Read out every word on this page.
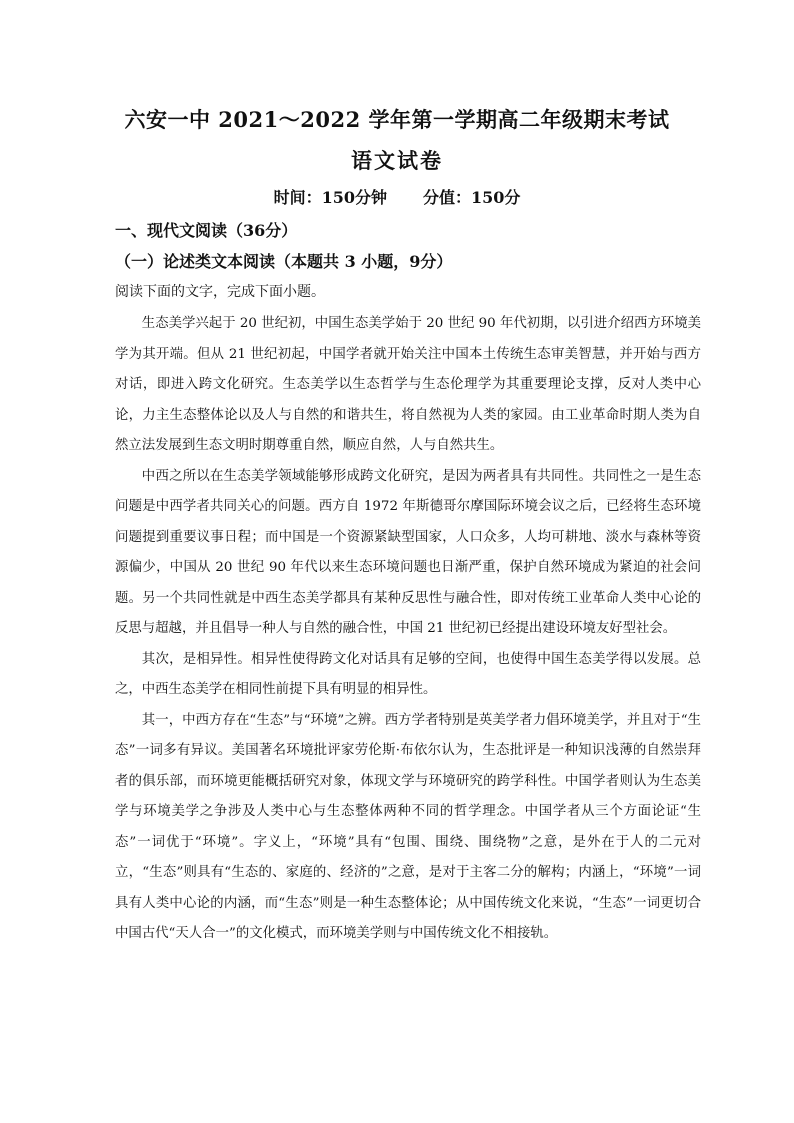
六安一中 2021～2022 学年第一学期高二年级期末考试
语文试卷
时间：150分钟 分值：150分
一、现代文阅读（36分）
（一）论述类文本阅读（本题共 3 小题，9分）
阅读下面的文字，完成下面小题。

生态美学兴起于 20 世纪初，中国生态美学始于 20 世纪 90 年代初期，以引进介绍西方环境美学为其开端。但从 21 世纪初起，中国学者就开始关注中国本土传统生态审美智慧，并开始与西方对话，即进入跨文化研究。生态美学以生态哲学与生态伦理学为其重要理论支撑，反对人类中心论，力主生态整体论以及人与自然的和谐共生，将自然视为人类的家园。由工业革命时期人类为自然立法发展到生态文明时期尊重自然，顺应自然，人与自然共生。

中西之所以在生态美学领域能够形成跨文化研究，是因为两者具有共同性。共同性之一是生态问题是中西学者共同关心的问题。西方自 1972 年斯德哥尔摩国际环境会议之后，已经将生态环境问题提到重要议事日程；而中国是一个资源紧缺型国家，人口众多，人均可耕地、淡水与森林等资源偏少，中国从 20 世纪 90 年代以来生态环境问题也日渐严重，保护自然环境成为紧迫的社会问题。另一个共同性就是中西生态美学都具有某种反思性与融合性，即对传统工业革命人类中心论的反思与超越，并且倡导一种人与自然的融合性，中国 21 世纪初已经提出建设环境友好型社会。

其次，是相异性。相异性使得跨文化对话具有足够的空间，也使得中国生态美学得以发展。总之，中西生态美学在相同性前提下具有明显的相异性。

其一，中西方存在“生态”与“环境”之辨。西方学者特别是英美学者力倡环境美学，并且对于“生态”一词多有异议。美国著名环境批评家劳伦斯·布依尔认为，生态批评是一种知识浅薄的自然崇拜者的俱乐部，而环境更能概括研究对象，体现文学与环境研究的跨学科性。中国学者则认为生态美学与环境美学之争涉及人类中心与生态整体两种不同的哲学理念。中国学者从三个方面论证“生态”一词优于“环境”。字义上，“环境”具有“包围、围绕、围绕物”之意，是外在于人的二元对立，“生态”则具有“生态的、家庭的、经济的”之意，是对于主客二分的解构；内涵上，“环境”一词具有人类中心论的内涵，而“生态”则是一种生态整体论；从中国传统文化来说，“生态”一词更切合中国古代“天人合一”的文化模式，而环境美学则与中国传统文化不相接轨。
